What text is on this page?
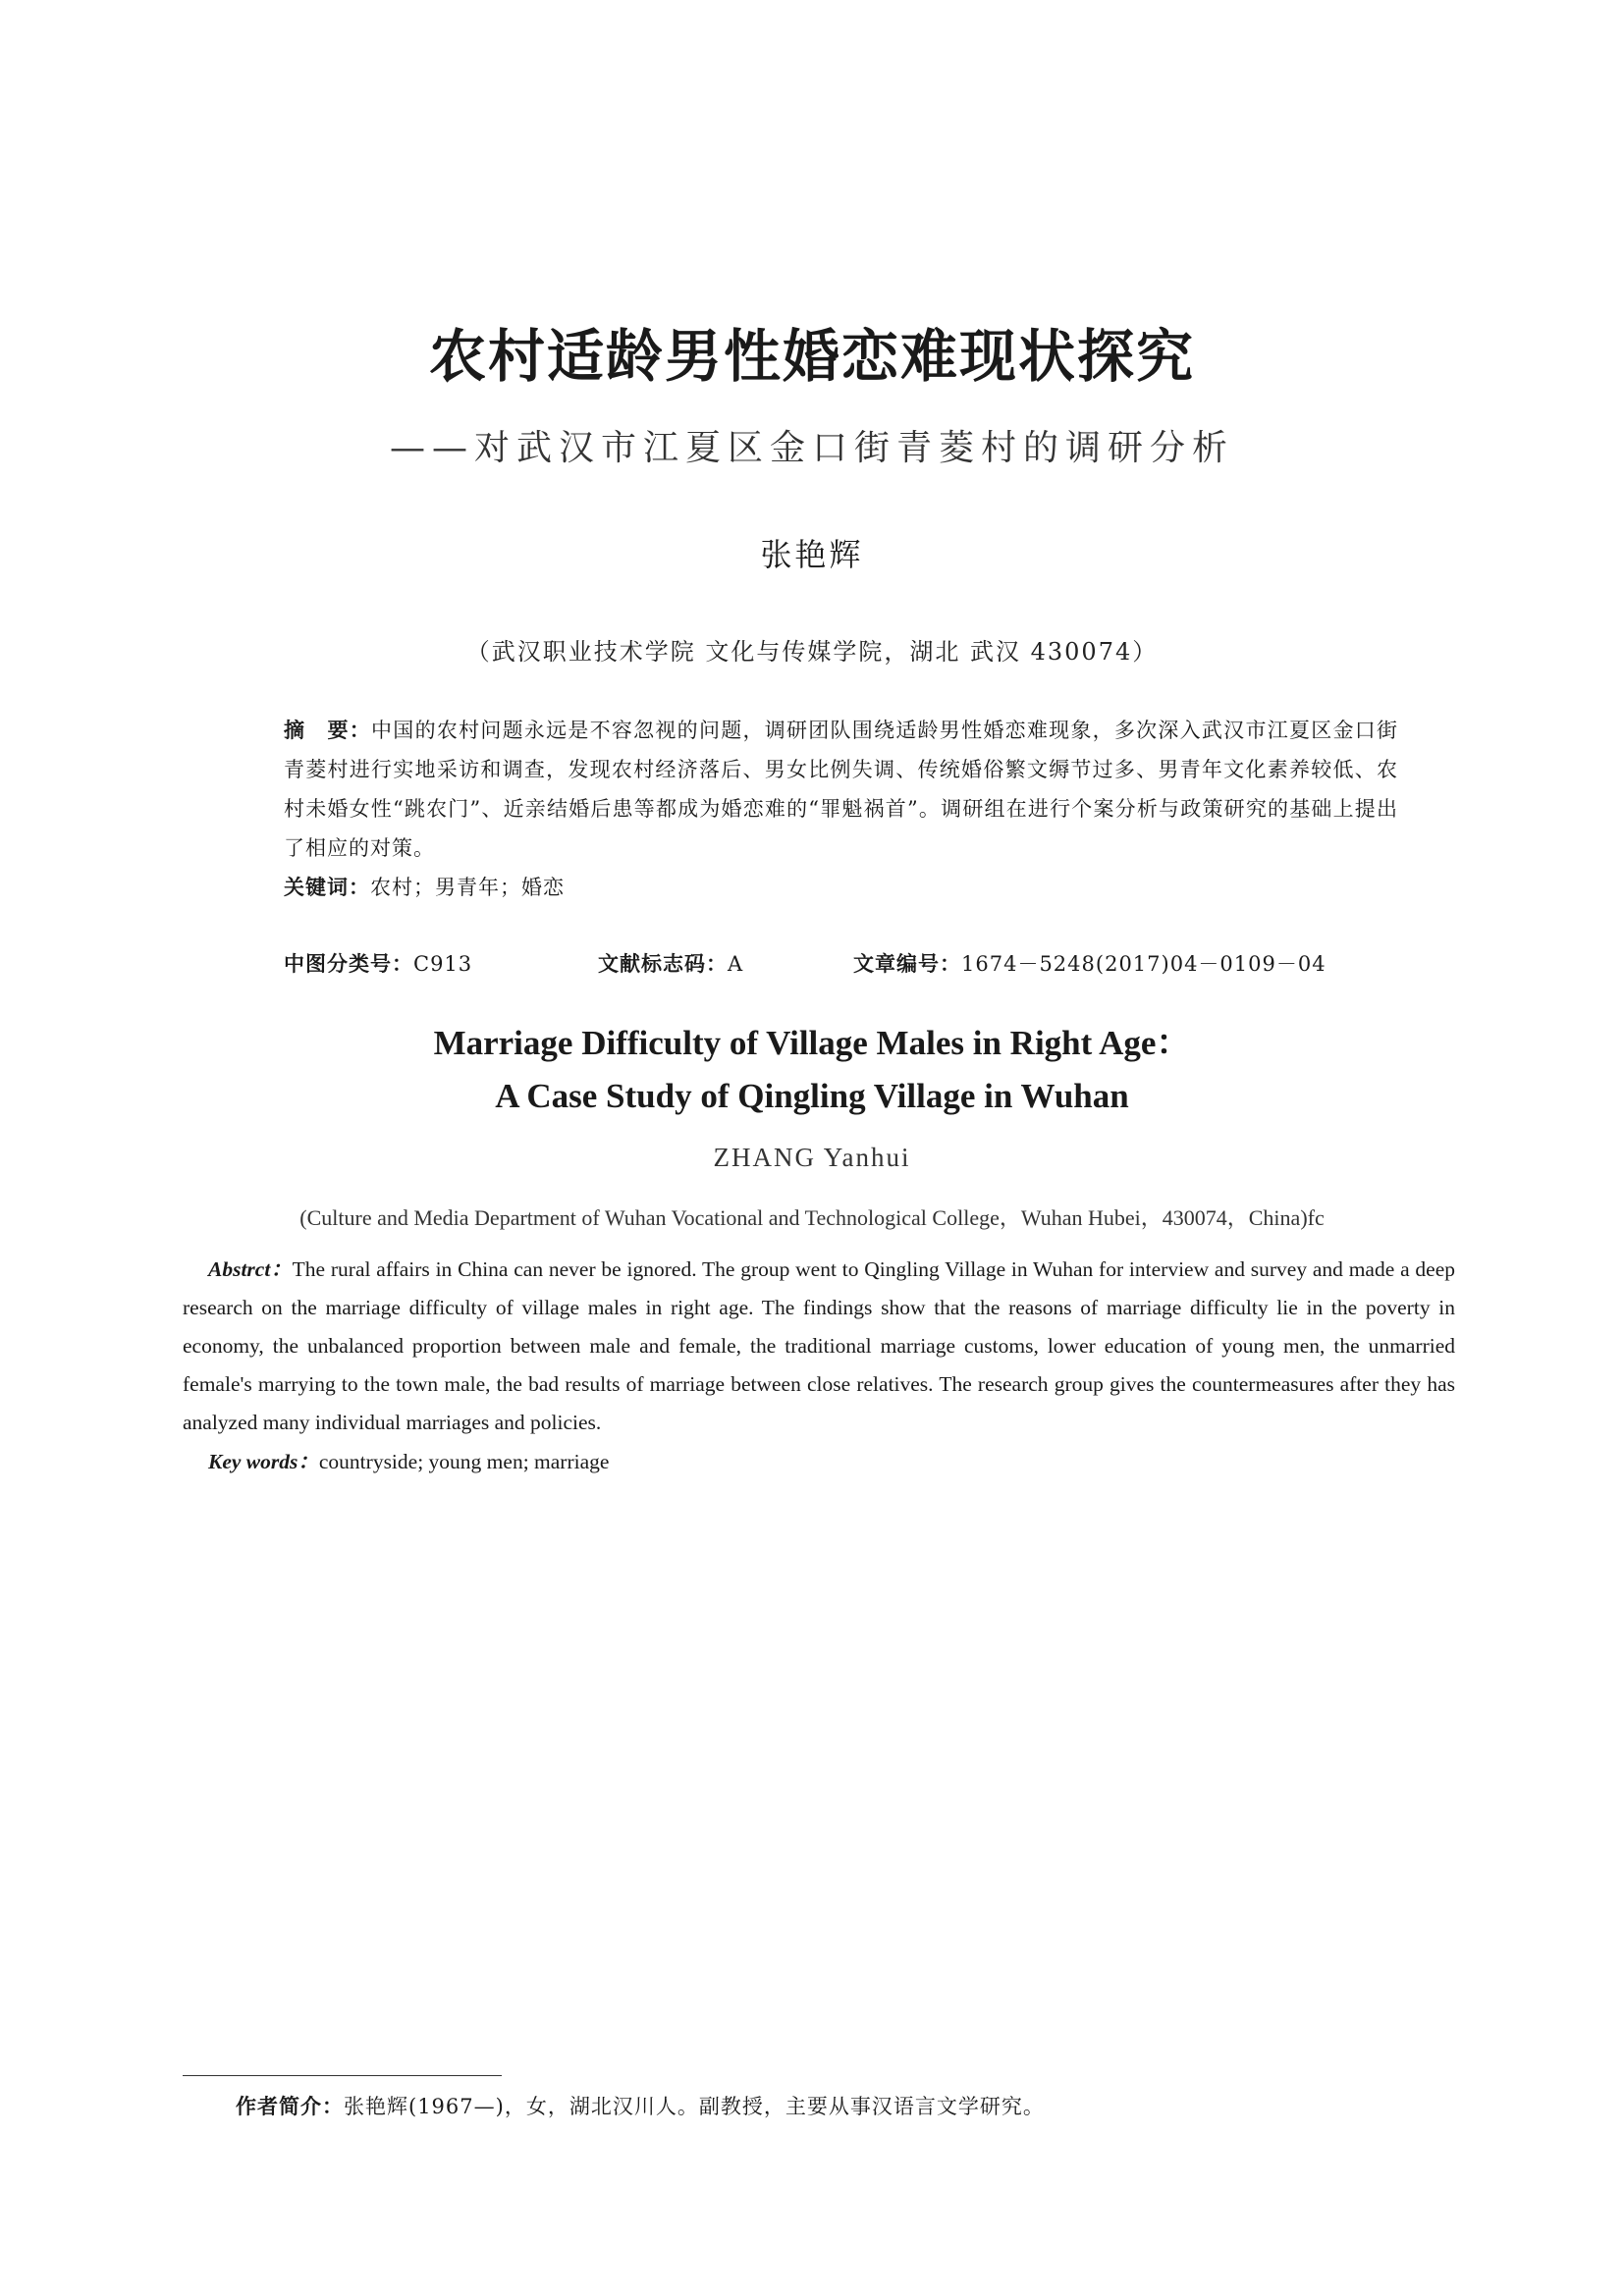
农村适龄男性婚恋难现状探究
——对武汉市江夏区金口街青菱村的调研分析
张艳辉
（武汉职业技术学院 文化与传媒学院，湖北 武汉 430074）
摘　要：中国的农村问题永远是不容忽视的问题，调研团队围绕适龄男性婚恋难现象，多次深入武汉市江夏区金口街青菱村进行实地采访和调查，发现农村经济落后、男女比例失调、传统婚俗繁文缛节过多、男青年文化素养较低、农村未婚女性“跳农门”、近亲结婚后患等都成为婚恋难的“罪魁祸首”。调研组在进行个案分析与政策研究的基础上提出了相应的对策。
关键词：农村；男青年；婚恋
中图分类号：C913	文献标志码：A	文章编号：1674－5248(2017)04－0109－04
Marriage Difficulty of Village Males in Right Age：
A Case Study of Qingling Village in Wuhan
ZHANG Yanhui
(Culture and Media Department of Wuhan Vocational and Technological College，Wuhan Hubei，430074，China)fc
Abstrct：The rural affairs in China can never be ignored. The group went to Qingling Village in Wuhan for interview and survey and made a deep research on the marriage difficulty of village males in right age. The findings show that the reasons of marriage difficulty lie in the poverty in economy, the unbalanced proportion between male and female, the traditional marriage customs, lower education of young men, the unmarried female's marrying to the town male, the bad results of marriage between close relatives. The research group gives the countermeasures after they has analyzed many individual marriages and policies.
Key words：countryside; young men; marriage
作者简介：张艳辉(1967—)，女，湖北汉川人。副教授，主要从事汉语言文学研究。
